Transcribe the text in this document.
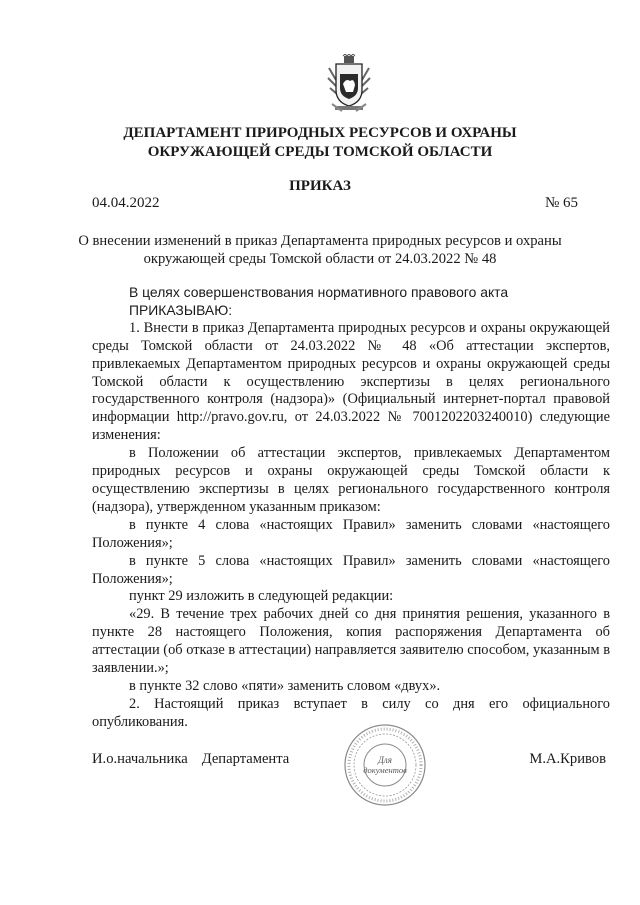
ДЕПАРТАМЕНТ ПРИРОДНЫХ РЕСУРСОВ И ОХРАНЫ
ОКРУЖАЮЩЕЙ СРЕДЫ ТОМСКОЙ ОБЛАСТИ
ПРИКАЗ
04.04.2022	№ 65
О внесении изменений в приказ Департамента природных ресурсов и охраны окружающей среды Томской области от 24.03.2022 № 48

В целях совершенствования нормативного правового акта

ПРИКАЗЫВАЮ:

1. Внести в приказ Департамента природных ресурсов и охраны окружающей среды Томской области от 24.03.2022 № 48 «Об аттестации экспертов, привлекаемых Департаментом природных ресурсов и охраны окружающей среды Томской области к осуществлению экспертизы в целях регионального государственного контроля (надзора)» (Официальный интернет-портал правовой информации http://pravo.gov.ru, от 24.03.2022 № 7001202203240010) следующие изменения:

в Положении об аттестации экспертов, привлекаемых Департаментом природных ресурсов и охраны окружающей среды Томской области к осуществлению экспертизы в целях регионального государственного контроля (надзора), утвержденном указанным приказом:

в пункте 4 слова «настоящих Правил» заменить словами «настоящего Положения»;

в пункте 5 слова «настоящих Правил» заменить словами «настоящего Положения»;

пункт 29 изложить в следующей редакции:

«29. В течение трех рабочих дней со дня принятия решения, указанного в пункте 28 настоящего Положения, копия распоряжения Департамента об аттестации (об отказе в аттестации) направляется заявителю способом, указанным в заявлении.»;

в пункте 32 слово «пяти» заменить словом «двух».

2. Настоящий приказ вступает в силу со дня его официального опубликования.

И.о.начальника Департамента	Для
документов
М.А.Кривов
